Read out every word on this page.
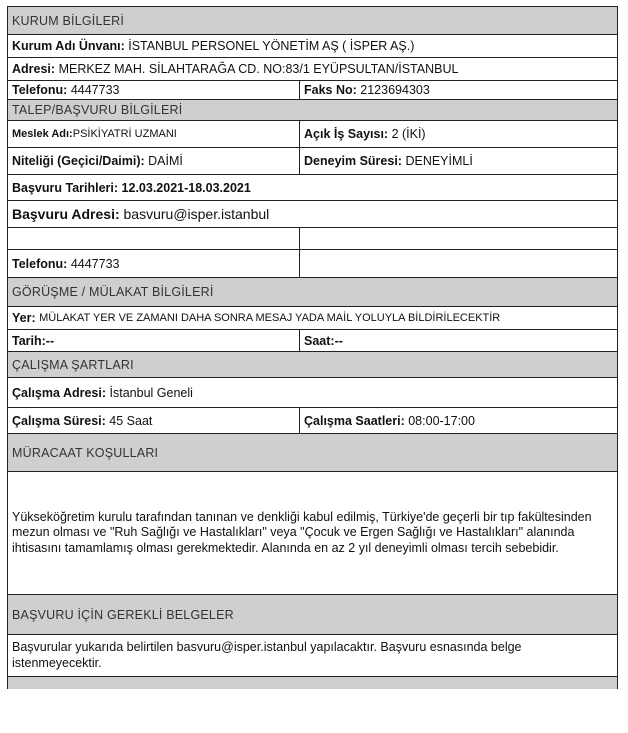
KURUM BİLGİLERİ
Kurum Adı Ünvanı:
İSTANBUL PERSONEL YÖNETİM AŞ ( İSPER AŞ.)
Adresi:
MERKEZ MAH. SİLAHTARAĞA CD. NO:83/1 EYÜPSULTAN/İSTANBUL
Telefonu:
4447733	Faks No:
2123694303
TALEP/BAŞVURU BİLGİLERİ
Meslek Adı: PSİKİYATRİ UZMANI	Açık İş Sayısı:
2 (İKİ)
Niteliği (Geçici/Daimi):
DAİMİ	Deneyim Süresi:
DENEYİMLİ
Başvuru Tarihleri:
12.03.2021-18.03.2021
Başvuru Adresi:
basvuru@isper.istanbul
Telefonu:
4447733
GÖRÜŞME / MÜLAKAT BİLGİLERİ
Yer:
MÜLAKAT YER VE ZAMANI DAHA SONRA MESAJ YADA MAİL YOLUYLA BİLDİRİLECEKTİR
Tarih: --	Saat: --
ÇALIŞMA ŞARTLARI
Çalışma Adresi:
İstanbul Geneli
Çalışma Süresi:
45 Saat	Çalışma Saatleri:
08:00-17:00
MÜRACAAT KOŞULLARI
Yükseköğretim kurulu tarafından tanınan ve denkliği kabul edilmiş, Türkiye'de geçerli bir tıp fakültesinden mezun olması ve "Ruh Sağlığı ve Hastalıkları" veya "Çocuk ve Ergen Sağlığı ve Hastalıkları" alanında ihtisasını tamamlamış olması gerekmektedir. Alanında en az 2 yıl deneyimli olması tercih sebebidir.
BAŞVURU İÇİN GEREKLİ BELGELER
Başvurular yukarıda belirtilen basvuru@isper.istanbul yapılacaktır. Başvuru esnasında belge istenmeyecektir.
